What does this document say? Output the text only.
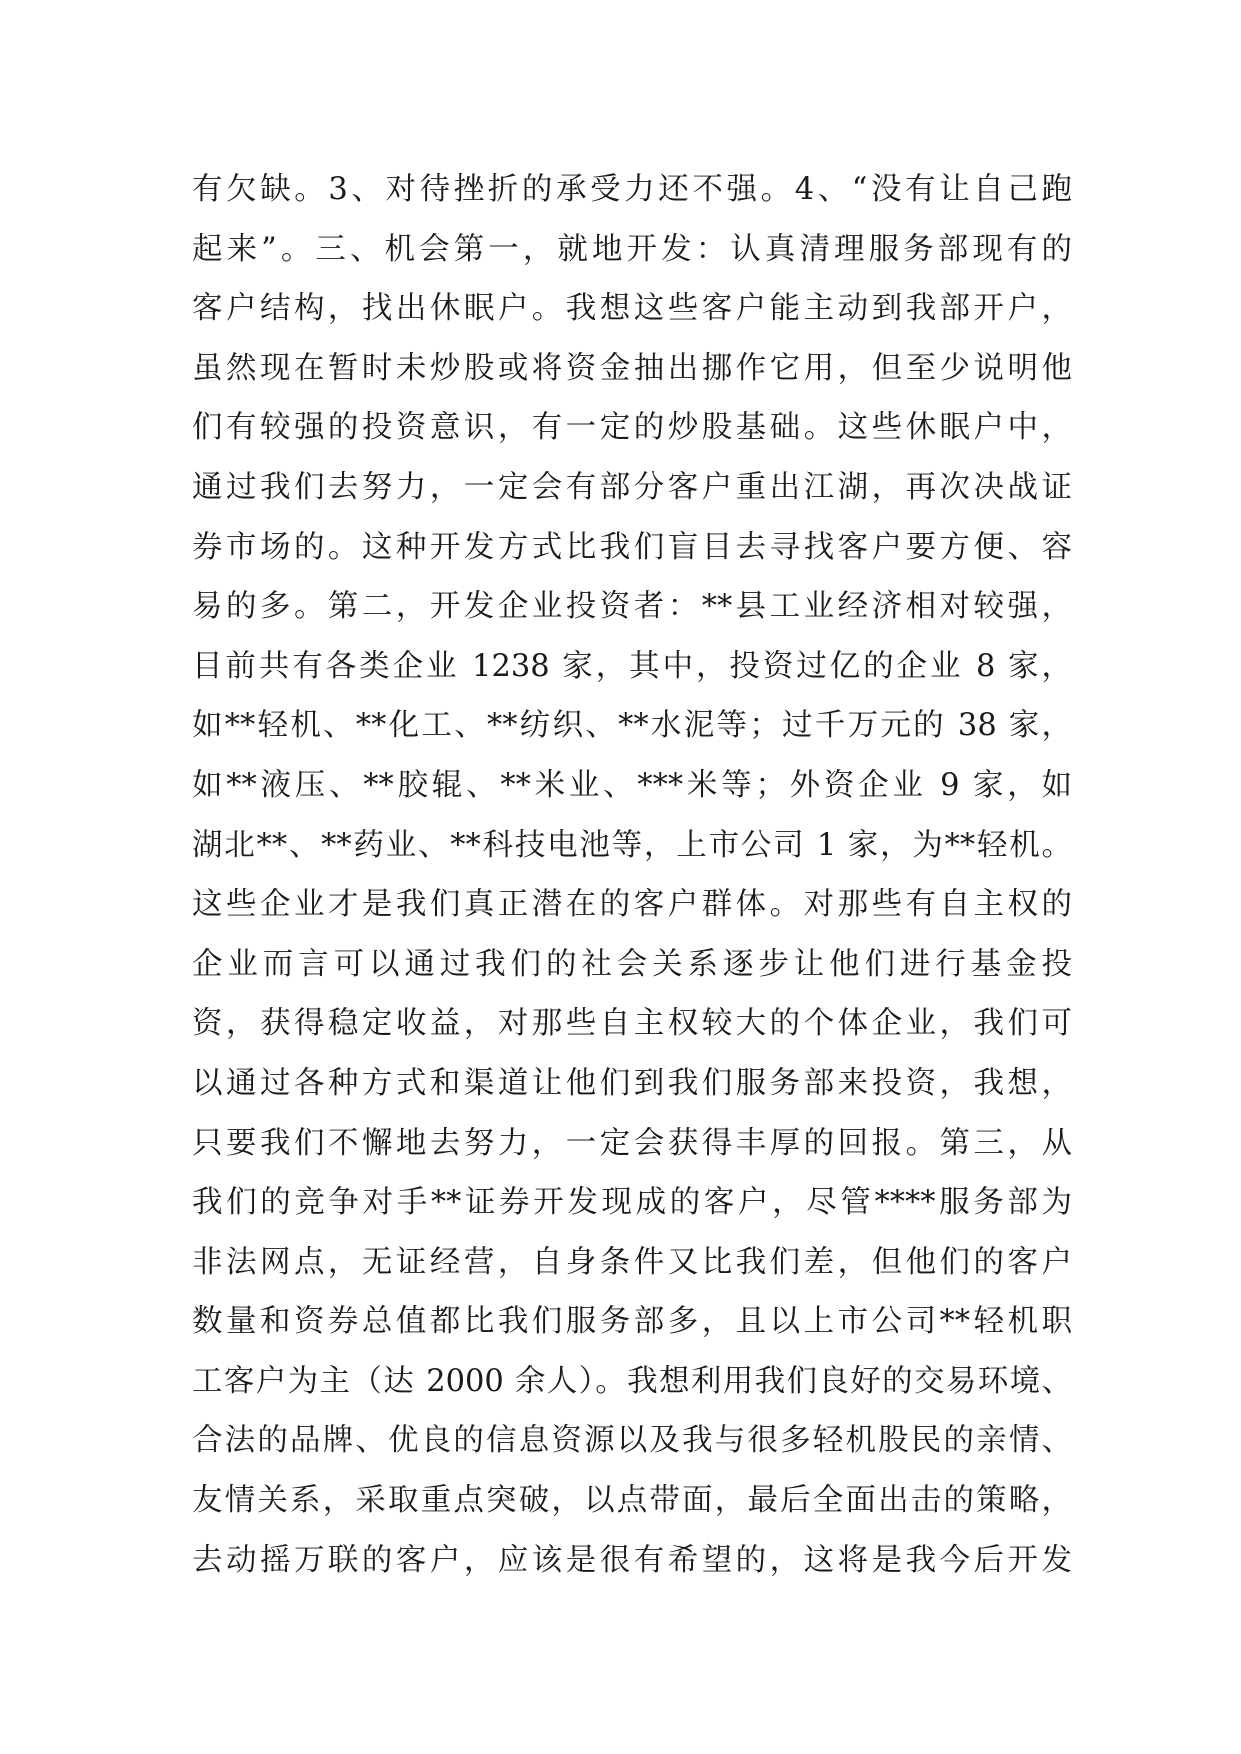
有欠缺。3、对待挫折的承受力还不强。4、“没有让自己跑
起来”。三、机会第一，就地开发：认真清理服务部现有的
客户结构，找出休眠户。我想这些客户能主动到我部开户，
虽然现在暂时未炒股或将资金抽出挪作它用，但至少说明他
们有较强的投资意识，有一定的炒股基础。这些休眠户中，
通过我们去努力，一定会有部分客户重出江湖，再次决战证
券市场的。这种开发方式比我们盲目去寻找客户要方便、容
易的多。第二，开发企业投资者：**县工业经济相对较强，
目前共有各类企业 1238 家，其中，投资过亿的企业 8 家，
如**轻机、**化工、**纺织、**水泥等；过千万元的 38 家，
如**液压、**胶辊、**米业、***米等；外资企业 9 家，如
湖北**、**药业、**科技电池等，上市公司 1 家，为**轻机。
这些企业才是我们真正潜在的客户群体。对那些有自主权的
企业而言可以通过我们的社会关系逐步让他们进行基金投
资，获得稳定收益，对那些自主权较大的个体企业，我们可
以通过各种方式和渠道让他们到我们服务部来投资，我想，
只要我们不懈地去努力，一定会获得丰厚的回报。第三，从
我们的竞争对手**证券开发现成的客户，尽管****服务部为
非法网点，无证经营，自身条件又比我们差，但他们的客户
数量和资券总值都比我们服务部多，且以上市公司**轻机职
工客户为主（达 2000 余人）。我想利用我们良好的交易环境、
合法的品牌、优良的信息资源以及我与很多轻机股民的亲情、
友情关系，采取重点突破，以点带面，最后全面出击的策略，
去动摇万联的客户，应该是很有希望的，这将是我今后开发
